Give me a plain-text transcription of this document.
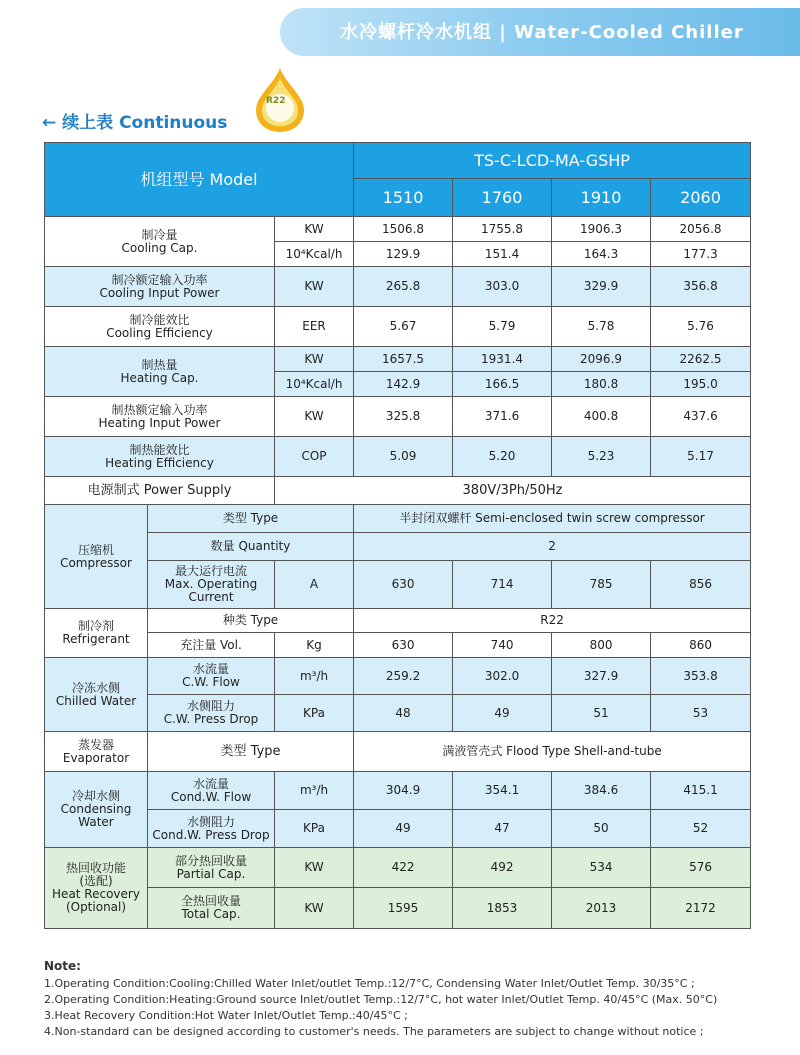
水冷螺杆冷水机组 | Water-Cooled Chiller
R22
← 续上表 Continuous
机组型号 Model			TS-C-LCD-MA-GSHP			
			1510	1760	1910	2060
制冷量
Cooling Cap.		KW	1506.8	1755.8	1906.3	2056.8
		10⁴Kcal/h	129.9	151.4	164.3	177.3
制冷额定输入功率
Cooling Input Power		KW	265.8	303.0	329.9	356.8
制冷能效比
Cooling Efficiency		EER	5.67	5.79	5.78	5.76
制热量
Heating Cap.		KW	1657.5	1931.4	2096.9	2262.5
		10⁴Kcal/h	142.9	166.5	180.8	195.0
制热额定输入功率
Heating Input Power		KW	325.8	371.6	400.8	437.6
制热能效比
Heating Efficiency		COP	5.09	5.20	5.23	5.17
电源制式 Power Supply		380V/3Ph/50Hz				
压缩机
Compressor	类型 Type		半封闭双螺杆 Semi-enclosed twin screw compressor			
	数量 Quantity		2			
	最大运行电流
Max. Operating
Current	A	630	714	785	856
制冷剂
Refrigerant	种类 Type		R22			
	充注量 Vol.	Kg	630	740	800	860
冷冻水侧
Chilled Water	水流量
C.W. Flow	m³/h	259.2	302.0	327.9	353.8
	水侧阻力
C.W. Press Drop	KPa	48	49	51	53
蒸发器
Evaporator	类型 Type		满液管壳式 Flood Type Shell-and-tube			
冷却水侧
Condensing
Water	水流量
Cond.W. Flow	m³/h	304.9	354.1	384.6	415.1
	水侧阻力
Cond.W. Press Drop	KPa	49	47	50	52
热回收功能
(选配)
Heat Recovery
(Optional)	部分热回收量
Partial Cap.	KW	422	492	534	576
	全热回收量
Total Cap.	KW	1595	1853	2013	2172
Note:
1.Operating Condition:Cooling:Chilled Water Inlet/outlet Temp.:12/7°C, Condensing Water Inlet/Outlet Temp. 30/35°C ;
2.Operating Condition:Heating:Ground source Inlet/outlet Temp.:12/7°C, hot water Inlet/Outlet Temp. 40/45°C (Max. 50°C)
3.Heat Recovery Condition:Hot Water Inlet/Outlet Temp.:40/45°C ;
4.Non-standard can be designed according to customer's needs. The parameters are subject to change without notice ;
